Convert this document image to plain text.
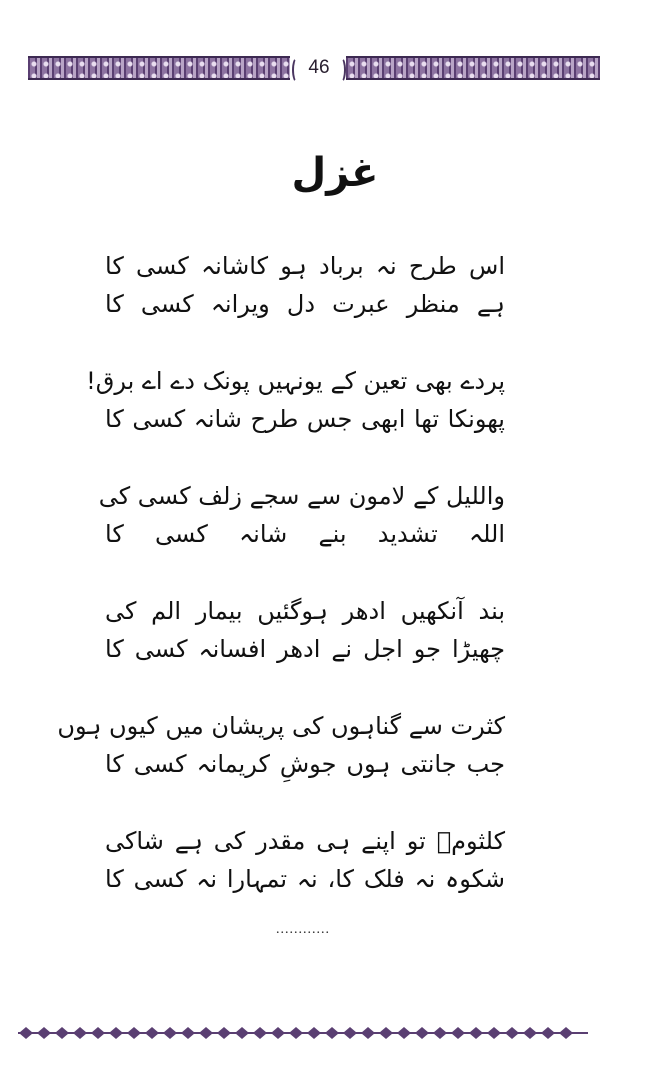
46
غزل
اس طرح نہ برباد ہو کاشانہ کسی کا
ہے منظر عبرت دل ویرانہ کسی کا
پردے بھی تعین کے یونہیں پونک دے اے برق!
پھونکا تھا ابھی جس طرح شانہ کسی کا
واللیل کے لامون سے سجے زلف کسی کی
اللہ تشدید بنے شانہ کسی کا
بند آنکھیں ادھر ہوگئیں بیمار الم کی
چھیڑا جو اجل نے ادھر افسانہ کسی کا
کثرت سے گناہوں کی پریشان میں کیوں ہوں
جب جانتی ہوں جوشِ کریمانہ کسی کا
کلثومؔ تو اپنے ہی مقدر کی ہے شاکی
شکوہ نہ فلک کا، نہ تمہارا نہ کسی کا
............
